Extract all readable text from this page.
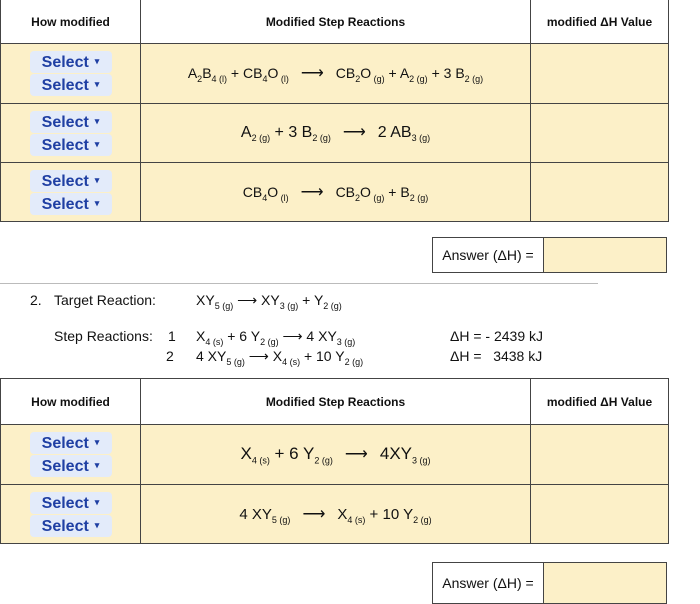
How modified	Modified Step Reactions	modified ΔH Value

Select ▾
Select ▾	$A_2B_{4 (l)} + CB_4O$ $_{(l)}$ ⟶ $CB_2O$ $_{(g)} + A_{2 (g)} + 3$ $B_{2 (g)}$	

Select ▾
Select ▾	$A_{2 (g)} + 3$ $B_{2 (g)}$ ⟶ 2 $AB_{3 (g)}$	

Select ▾
Select ▾	$CB_4O$ $_{(l)}$ ⟶ $CB_2O$ $_{(g)} + B_{2 (g)}$	
Answer (ΔH) =
2. Target Reaction:	$XY_{5 (g)}$ ⟶ $XY_{3 (g)} + Y_{2 (g)}$
Step Reactions: 1 $X_{4 (s)} + 6$ $Y_{2 (g)}$ ⟶ 4 $XY_{3 (g)}$	ΔH = - 2439 kJ
2 4 $XY_{5 (g)}$ ⟶ $X_{4 (s)} + 10$ $Y_{2 (g)}$	ΔH =   3438 kJ
How modified	Modified Step Reactions	modified ΔH Value

Select ▾
Select ▾	$X_{4 (s)} + 6$ $Y_{2 (g)}$ ⟶ $4XY_{3 (g)}$	

Select ▾
Select ▾	4 $XY_{5 (g)}$ ⟶ $X_{4 (s)} + 10$ $Y_{2 (g)}$	
Answer (ΔH) =
